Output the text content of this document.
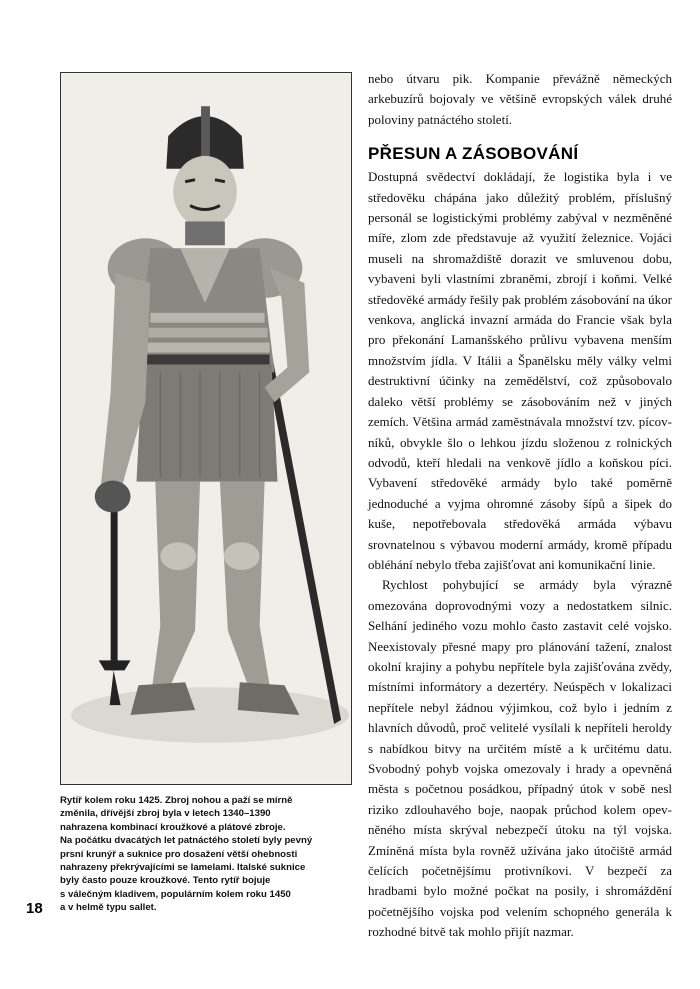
Rytíř kolem roku 1425. Zbroj nohou a paží se mírně
změnila, dřívější zbroj byla v letech 1340–1390
nahrazena kombinací kroužkové a plátové zbroje.
Na počátku dvacátých let patnáctého století byly pevný
prsní krunýř a suknice pro dosažení větší ohebnosti
nahrazeny překrývajícími se lamelami. Italské suknice
byly často pouze kroužkové. Tento rytíř bojuje
s válečným kladivem, populárním kolem roku 1450
a v helmě typu sallet.
18

nebo útvaru pik. Kompanie převážně německých arkebuzírů bojovaly ve většině evropských válek druhé poloviny patnáctého století.

PŘESUN A ZÁSOBOVÁNÍ

Dostupná svědectví dokládají, že logistika byla i ve středověku chápána jako důležitý problém, příslušný personál se logistickými problémy zabýval v nezměněné míře, zlom zde představuje až využití železnice. Vojáci museli na shromaždiště dorazit ve smluvenou dobu, vybaveni byli vlastními zbraněmi, zbrojí i koňmi. Velké středověké armády řešily pak problém zásobování na úkor venkova, anglická invazní armáda do Francie však byla pro překonání Lamanšského průlivu vybavena menším množstvím jídla. V Itálii a Španělsku měly války velmi destruktivní účinky na zemědělství, což způsobovalo daleko větší problémy se zásobováním než v jiných zemích. Většina armád zaměstnávala množství tzv. pícovníků, obvykle šlo o lehkou jízdu složenou z rolnických odvodů, kteří hledali na venkově jídlo a koňskou píci. Vybavení středověké armády bylo také poměrně jednoduché a vyjma ohromné zásoby šípů a šipek do kuše, nepotřebovala středověká armáda výbavu srovnatelnou s výbavou moderní armády, kromě případu obléhání nebylo třeba zajišťovat ani komunikační linie.

Rychlost pohybující se armády byla výrazně omezována doprovodnými vozy a nedostatkem silnic. Selhání jediného vozu mohlo často zastavit celé vojsko. Neexistovaly přesné mapy pro plánování tažení, znalost okolní krajiny a pohybu nepřítele byla zajišťována zvědy, místními informátory a dezertéry. Neúspěch v lokalizaci nepřítele nebyl žádnou výjimkou, což bylo i jedním z hlavních důvodů, proč velitelé vysílali k nepříteli heroldy s nabídkou bitvy na určitém místě a k určitému datu. Svobodný pohyb vojska omezovaly i hrady a opevněná města s početnou posádkou, případný útok v sobě nesl riziko zdlouhavého boje, naopak průchod kolem opevněného místa skrýval nebezpečí útoku na týl vojska. Zmíněná místa byla rovněž užívána jako útočiště armád čelících početnějšímu protivníkovi. V bezpečí za hradbami bylo možné počkat na posily, i shromáždění početnějšího vojska pod velením schopného generála k rozhodné bitvě tak mohlo přijít nazmar.
